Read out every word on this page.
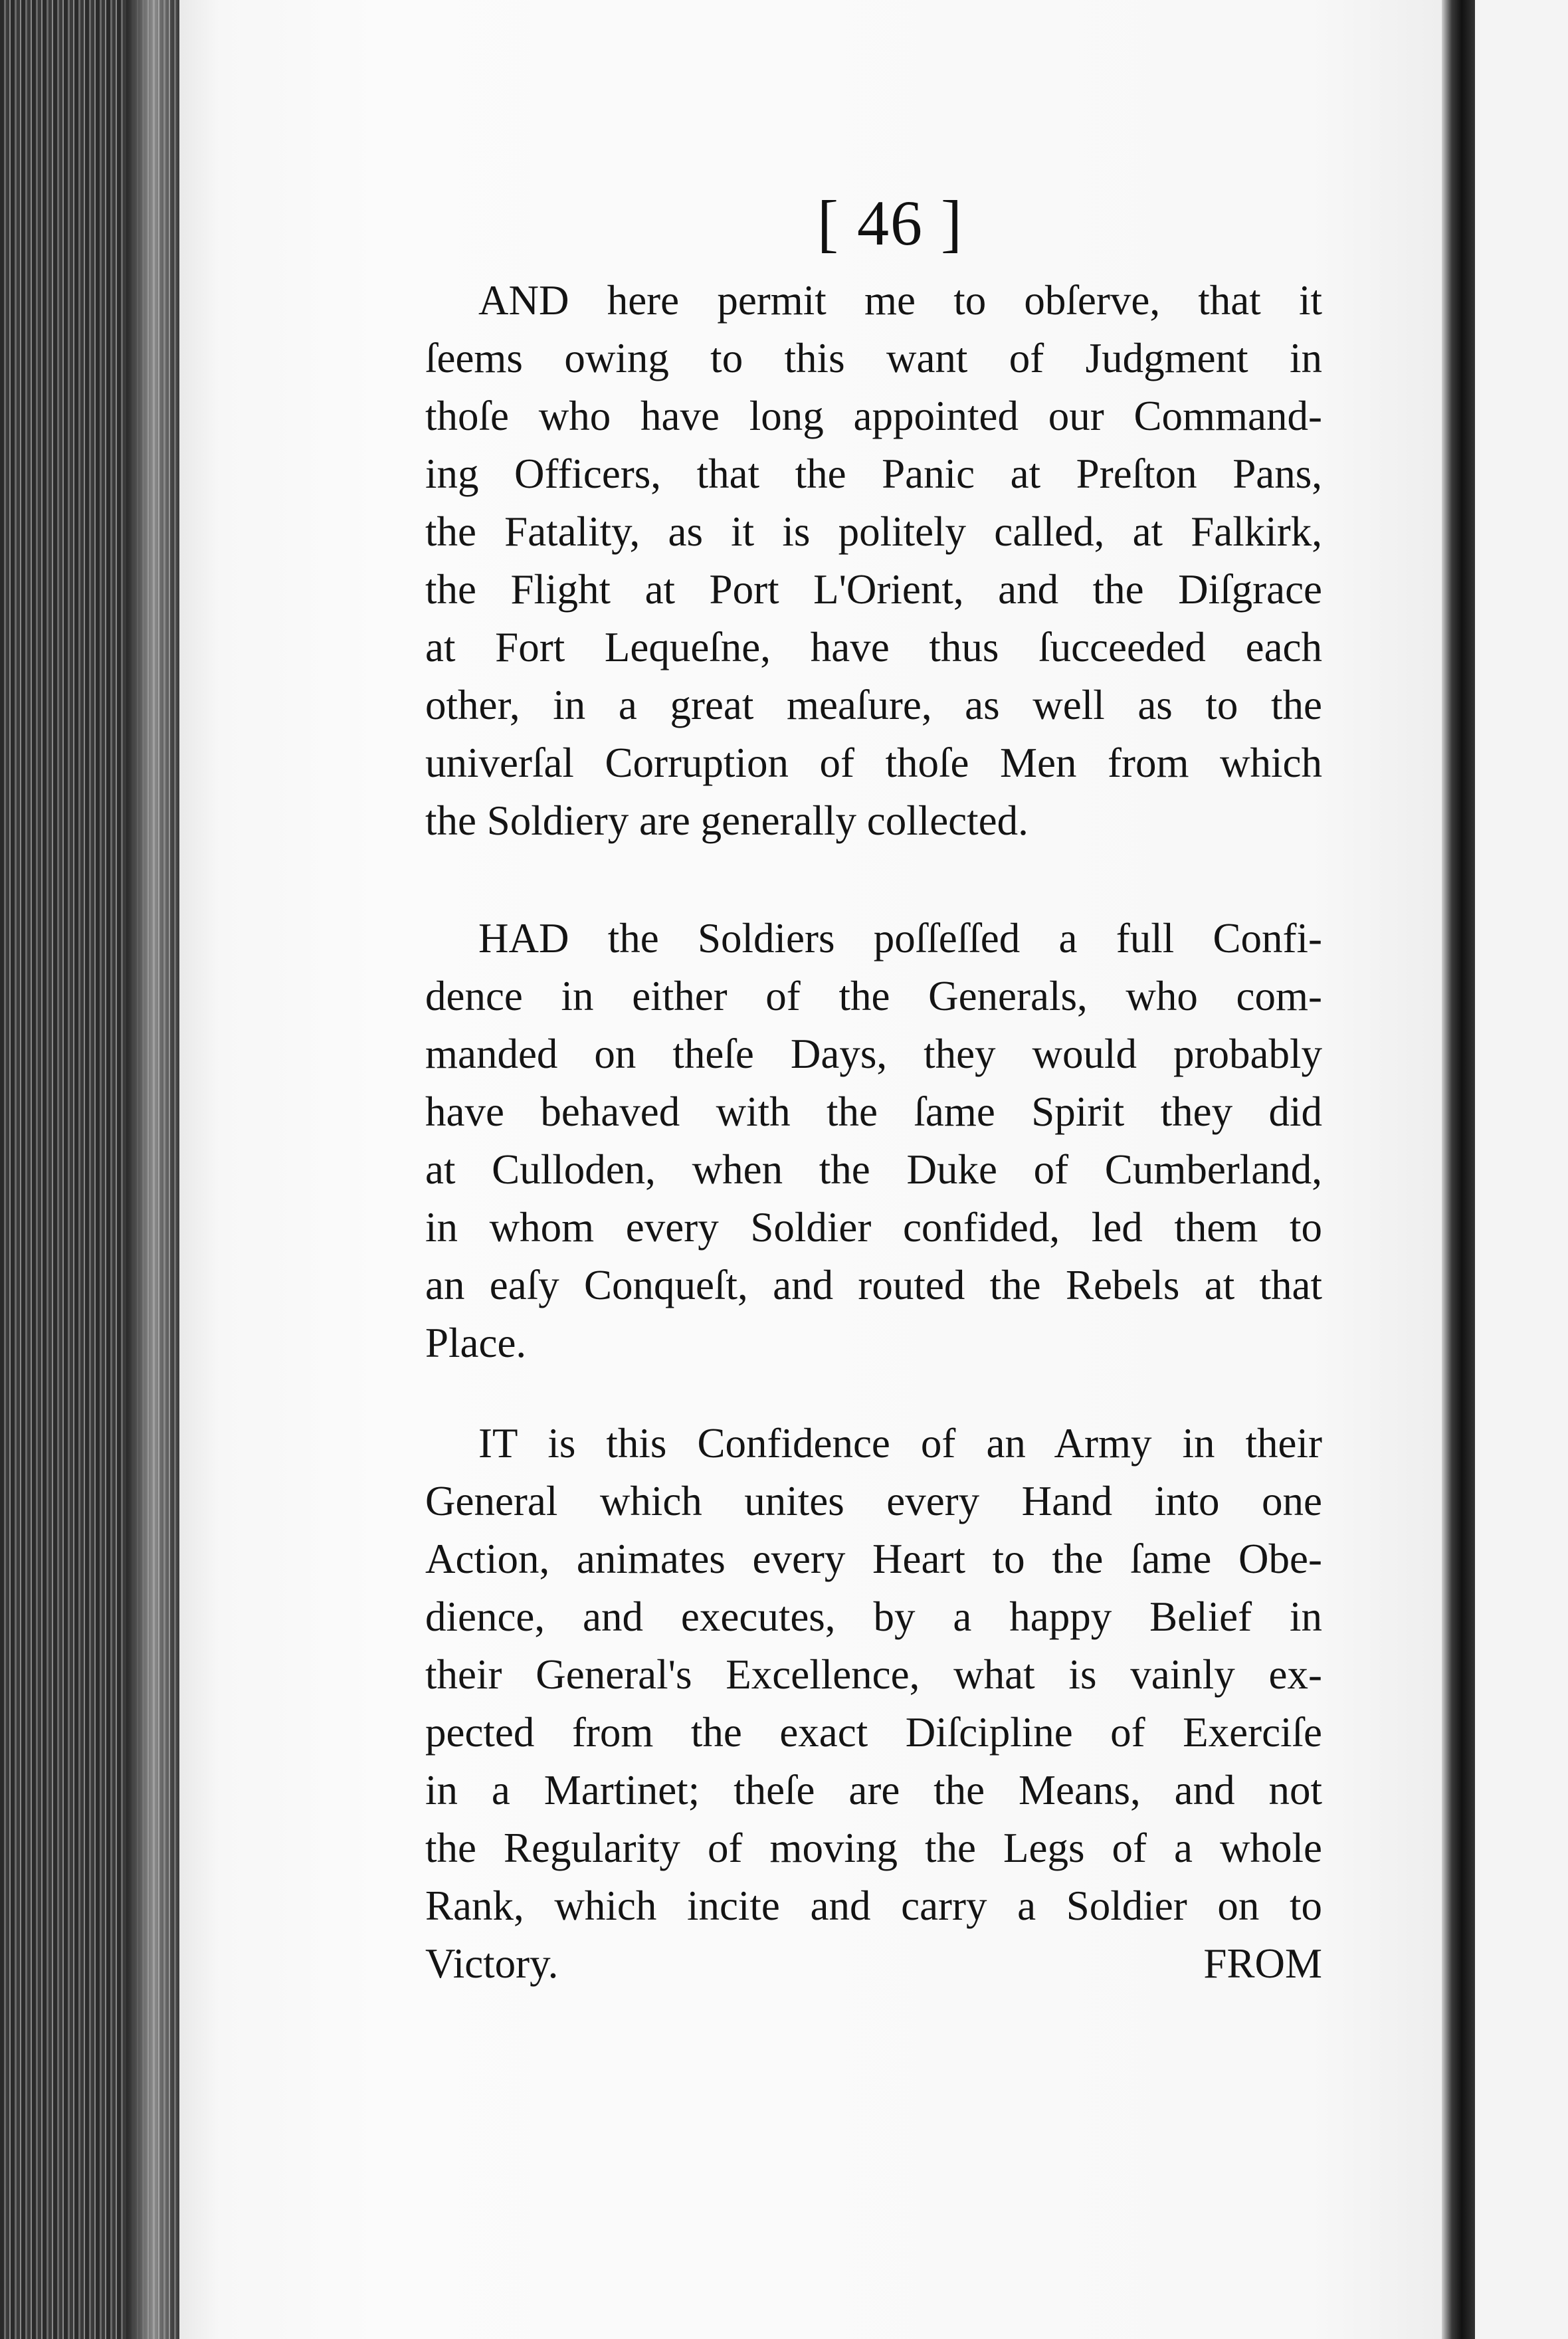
[ 46 ]
AND here permit me to obſerve, that it
ſeems owing to this want of Judgment in
thoſe who have long appointed our Command-
ing Officers, that the Panic at Preſton Pans,
the Fatality, as it is politely called, at Falkirk,
the Flight at Port L'Orient, and the Diſgrace
at Fort Lequeſne, have thus ſucceeded each
other, in a great meaſure, as well as to the
univerſal Corruption of thoſe Men from which
the Soldiery are generally collected.
HAD the Soldiers poſſeſſed a full Confi-
dence in either of the Generals, who com-
manded on theſe Days, they would probably
have behaved with the ſame Spirit they did
at Culloden, when the Duke of Cumberland,
in whom every Soldier confided, led them to
an eaſy Conqueſt, and routed the Rebels at that
Place.
IT is this Confidence of an Army in their
General which unites every Hand into one
Action, animates every Heart to the ſame Obe-
dience, and executes, by a happy Belief in
their General's Excellence, what is vainly ex-
pected from the exact Diſcipline of Exerciſe
in a Martinet; theſe are the Means, and not
the Regularity of moving the Legs of a whole
Rank, which incite and carry a Soldier on to
Victory.	FROM
